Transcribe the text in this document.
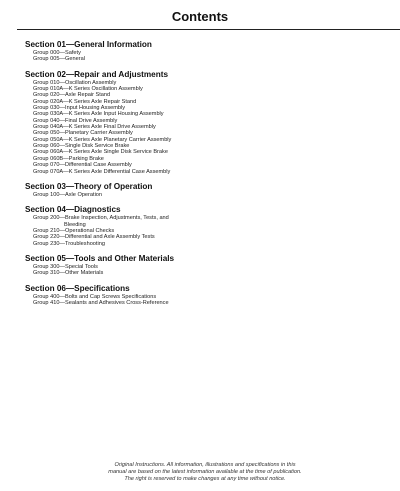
Contents
Section 01—General Information
Group 000—Safety
Group 005—General
Section 02—Repair and Adjustments
Group 010—Oscillation Assembly
Group 010A—K Series Oscillation Assembly
Group 020—Axle Repair Stand
Group 020A—K Series Axle Repair Stand
Group 030—Input Housing Assembly
Group 030A—K Series Axle Input Housing Assembly
Group 040—Final Drive Assembly
Group 040A—K Series Axle Final Drive Assembly
Group 050—Planetary Carrier Assembly
Group 050A—K Series Axle Planetary Carrier Assembly
Group 060—Single Disk Service Brake
Group 060A—K Series Axle Single Disk Service Brake
Group 060B—Parking Brake
Group 070—Differential Case Assembly
Group 070A—K Series Axle Differential Case Assembly
Section 03—Theory of Operation
Group 100—Axle Operation
Section 04—Diagnostics
Group 200—Brake Inspection, Adjustments, Tests, and
Bleeding
Group 210—Operational Checks
Group 220—Differential and Axle Assembly Tests
Group 230—Troubleshooting
Section 05—Tools and Other Materials
Group 300—Special Tools
Group 310—Other Materials
Section 06—Specifications
Group 400—Bolts and Cap Screws Specifications
Group 410—Sealants and Adhesives Cross-Reference
Original Instructions. All information, illustrations and specifications in this
manual are based on the latest information available at the time of publication.
The right is reserved to make changes at any time without notice.
